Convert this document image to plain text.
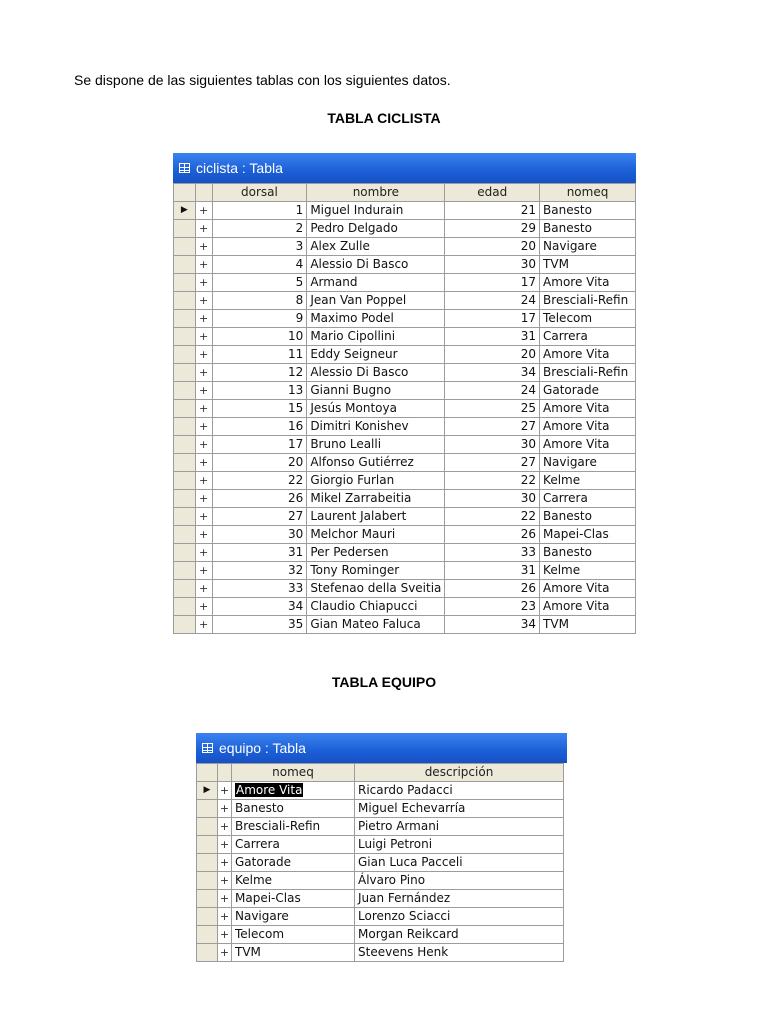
Se dispone de las siguientes tablas con los siguientes datos.
TABLA CICLISTA
ciclista : Tabla
		dorsal	nombre	edad	nomeq
▶	+	1	Miguel Indurain	21	Banesto
	+	2	Pedro Delgado	29	Banesto
	+	3	Alex Zulle	20	Navigare
	+	4	Alessio Di Basco	30	TVM
	+	5	Armand	17	Amore Vita
	+	8	Jean Van Poppel	24	Bresciali-Refin
	+	9	Maximo Podel	17	Telecom
	+	10	Mario Cipollini	31	Carrera
	+	11	Eddy Seigneur	20	Amore Vita
	+	12	Alessio Di Basco	34	Bresciali-Refin
	+	13	Gianni Bugno	24	Gatorade
	+	15	Jesús Montoya	25	Amore Vita
	+	16	Dimitri Konishev	27	Amore Vita
	+	17	Bruno Lealli	30	Amore Vita
	+	20	Alfonso Gutiérrez	27	Navigare
	+	22	Giorgio Furlan	22	Kelme
	+	26	Mikel Zarrabeitia	30	Carrera
	+	27	Laurent Jalabert	22	Banesto
	+	30	Melchor Mauri	26	Mapei-Clas
	+	31	Per Pedersen	33	Banesto
	+	32	Tony Rominger	31	Kelme
	+	33	Stefenao della Sveitia	26	Amore Vita
	+	34	Claudio Chiapucci	23	Amore Vita
	+	35	Gian Mateo Faluca	34	TVM
TABLA EQUIPO
equipo : Tabla
		nomeq	descripción
▶	+	Amore Vita	Ricardo Padacci
	+	Banesto	Miguel Echevarría
	+	Bresciali-Refin	Pietro Armani
	+	Carrera	Luigi Petroni
	+	Gatorade	Gian Luca Pacceli
	+	Kelme	Álvaro Pino
	+	Mapei-Clas	Juan Fernández
	+	Navigare	Lorenzo Sciacci
	+	Telecom	Morgan Reikcard
	+	TVM	Steevens Henk
